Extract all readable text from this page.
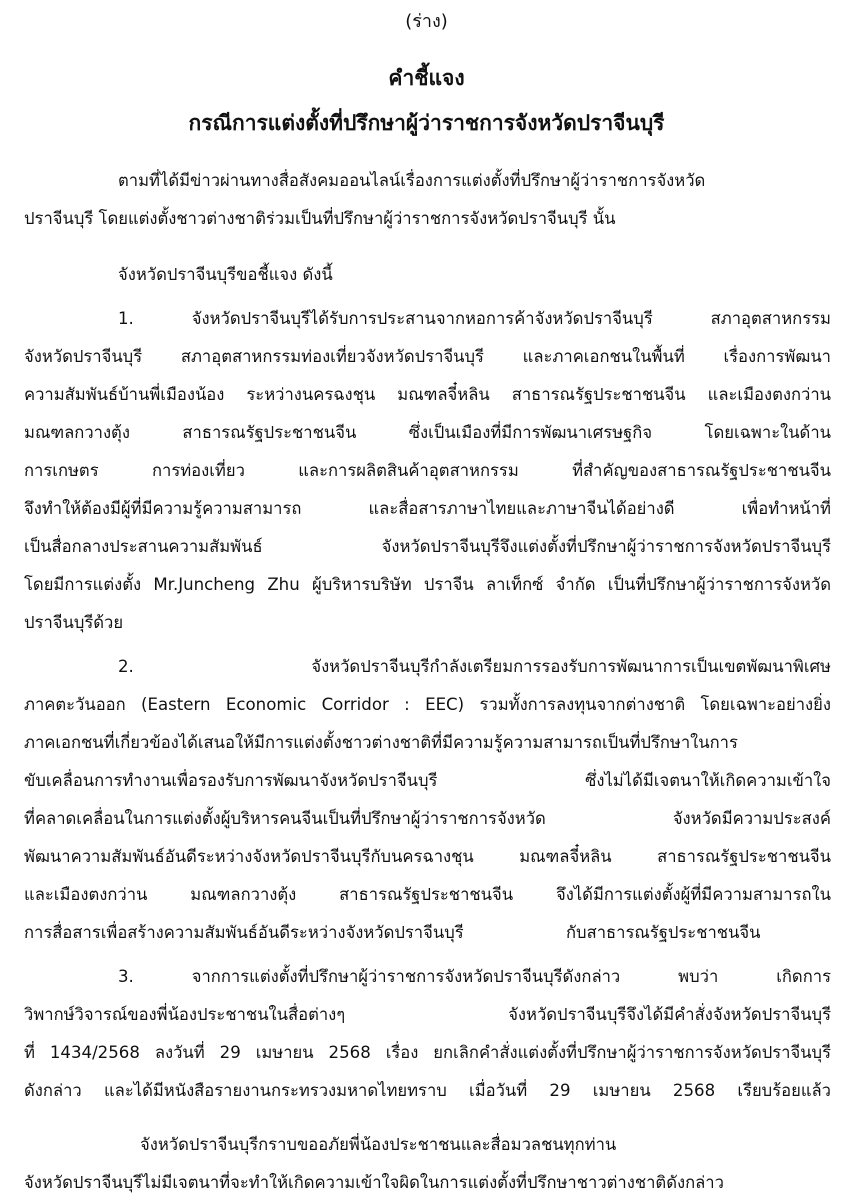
(ร่าง)
คำชี้แจง
กรณีการแต่งตั้งที่ปรึกษาผู้ว่าราชการจังหวัดปราจีนบุรี
ตามที่ได้มีข่าวผ่านทางสื่อสังคมออนไลน์เรื่องการแต่งตั้งที่ปรึกษาผู้ว่าราชการจังหวัด
ปราจีนบุรี โดยแต่งตั้งชาวต่างชาติร่วมเป็นที่ปรึกษาผู้ว่าราชการจังหวัดปราจีนบุรี นั้น
จังหวัดปราจีนบุรีขอชี้แจง ดังนี้
1. จังหวัดปราจีนบุรีได้รับการประสานจากหอการค้าจังหวัดปราจีนบุรี สภาอุตสาหกรรม
จังหวัดปราจีนบุรี สภาอุตสาหกรรมท่องเที่ยวจังหวัดปราจีนบุรี และภาคเอกชนในพื้นที่ เรื่องการพัฒนา
ความสัมพันธ์บ้านพี่เมืองน้อง ระหว่างนครฉงชุน มณฑลจี๋หลิน สาธารณรัฐประชาชนจีน และเมืองตงกว่าน
มณฑลกวางตุ้ง สาธารณรัฐประชาชนจีน ซึ่งเป็นเมืองที่มีการพัฒนาเศรษฐกิจ โดยเฉพาะในด้าน
การเกษตร การท่องเที่ยว และการผลิตสินค้าอุตสาหกรรม ที่สำคัญของสาธารณรัฐประชาชนจีน
จึงทำให้ต้องมีผู้ที่มีความรู้ความสามารถ และสื่อสารภาษาไทยและภาษาจีนได้อย่างดี เพื่อทำหน้าที่
เป็นสื่อกลางประสานความสัมพันธ์ จังหวัดปราจีนบุรีจึงแต่งตั้งที่ปรึกษาผู้ว่าราชการจังหวัดปราจีนบุรี
โดยมีการแต่งตั้ง Mr.Juncheng Zhu ผู้บริหารบริษัท ปราจีน ลาเท็กซ์ จำกัด เป็นที่ปรึกษาผู้ว่าราชการจังหวัด
ปราจีนบุรีด้วย
2. จังหวัดปราจีนบุรีกำลังเตรียมการรองรับการพัฒนาการเป็นเขตพัฒนาพิเศษ
ภาคตะวันออก (Eastern Economic Corridor : EEC) รวมทั้งการลงทุนจากต่างชาติ โดยเฉพาะอย่างยิ่ง
ภาคเอกชนที่เกี่ยวข้องได้เสนอให้มีการแต่งตั้งชาวต่างชาติที่มีความรู้ความสามารถเป็นที่ปรึกษาในการ
ขับเคลื่อนการทำงานเพื่อรองรับการพัฒนาจังหวัดปราจีนบุรี ซึ่งไม่ได้มีเจตนาให้เกิดความเข้าใจ
ที่คลาดเคลื่อนในการแต่งตั้งผู้บริหารคนจีนเป็นที่ปรึกษาผู้ว่าราชการจังหวัด จังหวัดมีความประสงค์
พัฒนาความสัมพันธ์อันดีระหว่างจังหวัดปราจีนบุรีกับนครฉางชุน มณฑลจี๋หลิน สาธารณรัฐประชาชนจีน
และเมืองตงกว่าน มณฑลกวางตุ้ง สาธารณรัฐประชาชนจีน จึงได้มีการแต่งตั้งผู้ที่มีความสามารถใน
การสื่อสารเพื่อสร้างความสัมพันธ์อันดีระหว่างจังหวัดปราจีนบุรี	กับสาธารณรัฐประชาชนจีน
3. จากการแต่งตั้งที่ปรึกษาผู้ว่าราชการจังหวัดปราจีนบุรีดังกล่าว พบว่า เกิดการ
วิพากษ์วิจารณ์ของพี่น้องประชาชนในสื่อต่างๆ จังหวัดปราจีนบุรีจึงได้มีคำสั่งจังหวัดปราจีนบุรี
ที่ 1434/2568 ลงวันที่ 29 เมษายน 2568 เรื่อง ยกเลิกคำสั่งแต่งตั้งที่ปรึกษาผู้ว่าราชการจังหวัดปราจีนบุรี
ดังกล่าว และได้มีหนังสือรายงานกระทรวงมหาดไทยทราบ เมื่อวันที่ 29 เมษายน 2568 เรียบร้อยแล้ว
จังหวัดปราจีนบุรีกราบขออภัยพี่น้องประชาชนและสื่อมวลชนทุกท่าน
จังหวัดปราจีนบุรีไม่มีเจตนาที่จะทำให้เกิดความเข้าใจผิดในการแต่งตั้งที่ปรึกษาชาวต่างชาติดังกล่าว
